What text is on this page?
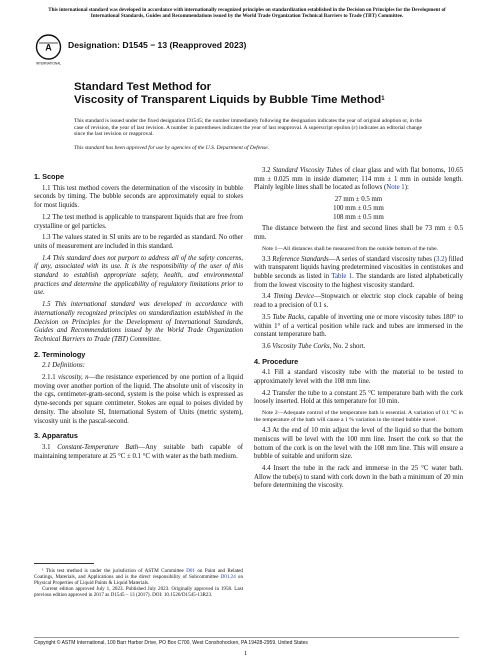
This international standard was developed in accordance with internationally recognized principles on standardization established in the Decision on Principles for the Development of International Standards, Guides and Recommendations issued by the World Trade Organization Technical Barriers to Trade (TBT) Committee.
A
INTERNATIONAL
Designation: D1545 − 13 (Reapproved 2023)
Standard Test Method for
Viscosity of Transparent Liquids by Bubble Time Method$^1$
This standard is issued under the fixed designation D1545; the number immediately following the designation indicates the year of original adoption or, in the case of revision, the year of last revision. A number in parentheses indicates the year of last reapproval. A superscript epsilon (ε) indicates an editorial change since the last revision or reapproval.
This standard has been approved for use by agencies of the U.S. Department of Defense.
1. Scope
1.1 This test method covers the determination of the viscosity in bubble seconds by timing. The bubble seconds are approximately equal to stokes for most liquids.
1.2 The test method is applicable to transparent liquids that are free from crystalline or gel particles.
1.3 The values stated in SI units are to be regarded as standard. No other units of measurement are included in this standard.
1.4 This standard does not purport to address all of the safety concerns, if any, associated with its use. It is the responsibility of the user of this standard to establish appropriate safety, health, and environmental practices and determine the applicability of regulatory limitations prior to use.
1.5 This international standard was developed in accordance with internationally recognized principles on standardization established in the Decision on Principles for the Development of International Standards, Guides and Recommendations issued by the World Trade Organization Technical Barriers to Trade (TBT) Committee.
2. Terminology
2.1 Definitions:
2.1.1 viscosity, n—the resistance experienced by one portion of a liquid moving over another portion of the liquid. The absolute unit of viscosity in the cgs, centimeter-gram-second, system is the poise which is expressed as dyne-seconds per square centimeter. Stokes are equal to poises divided by density. The absolute SI, International System of Units (metric system), viscosity unit is the pascal-second.
3. Apparatus
3.1 Constant-Temperature Bath—Any suitable bath capable of maintaining temperature at 25 °C ± 0.1 °C with water as the bath medium.
¹ This test method is under the jurisdiction of ASTM Committee D01 on Paint and Related Coatings, Materials, and Applications and is the direct responsibility of Subcommittee D01.24 on Physical Properties of Liquid Paints & Liquid Materials.
Current edition approved July 1, 2023. Published July 2023. Originally approved in 1958. Last previous edition approved in 2017 as D1545 – 13 (2017). DOI: 10.1520/D1545-13R23.
3.2 Standard Viscosity Tubes of clear glass and with flat bottoms, 10.65 mm ± 0.025 mm in inside diameter; 114 mm ± 1 mm in outside length. Plainly legible lines shall be located as follows (Note 1):
27 mm ± 0.5 mm
100 mm ± 0.5 mm
108 mm ± 0.5 mm
The distance between the first and second lines shall be 73 mm ± 0.5 mm.
Note 1—All distances shall be measured from the outside bottom of the tube.
3.3 Reference Standards—A series of standard viscosity tubes (3.2) filled with transparent liquids having predetermined viscosities in centistokes and bubble seconds as listed in Table 1. The standards are listed alphabetically from the lowest viscosity to the highest viscosity standard.
3.4 Timing Device—Stopwatch or electric stop clock capable of being read to a precision of 0.1 s.
3.5 Tube Racks, capable of inverting one or more viscosity tubes 180° to within 1° of a vertical position while rack and tubes are immersed in the constant temperature bath.
3.6 Viscosity Tube Corks, No. 2 short.
4. Procedure
4.1 Fill a standard viscosity tube with the material to be tested to approximately level with the 108 mm line.
4.2 Transfer the tube to a constant 25 °C temperature bath with the cork loosely inserted. Hold at this temperature for 10 min.
Note 2—Adequate control of the temperature bath is essential. A variation of 0.1 °C in the temperature of the bath will cause a 1 % variation in the timed bubble travel.
4.3 At the end of 10 min adjust the level of the liquid so that the bottom meniscus will be level with the 100 mm line. Insert the cork so that the bottom of the cork is on the level with the 108 mm line. This will ensure a bubble of suitable and uniform size.
4.4 Insert the tube in the rack and immerse in the 25 °C water bath. Allow the tube(s) to stand with cork down in the bath a minimum of 20 min before determining the viscosity.
Copyright © ASTM International, 100 Barr Harbor Drive, PO Box C700, West Conshohocken, PA 19428-2959. United States
1
